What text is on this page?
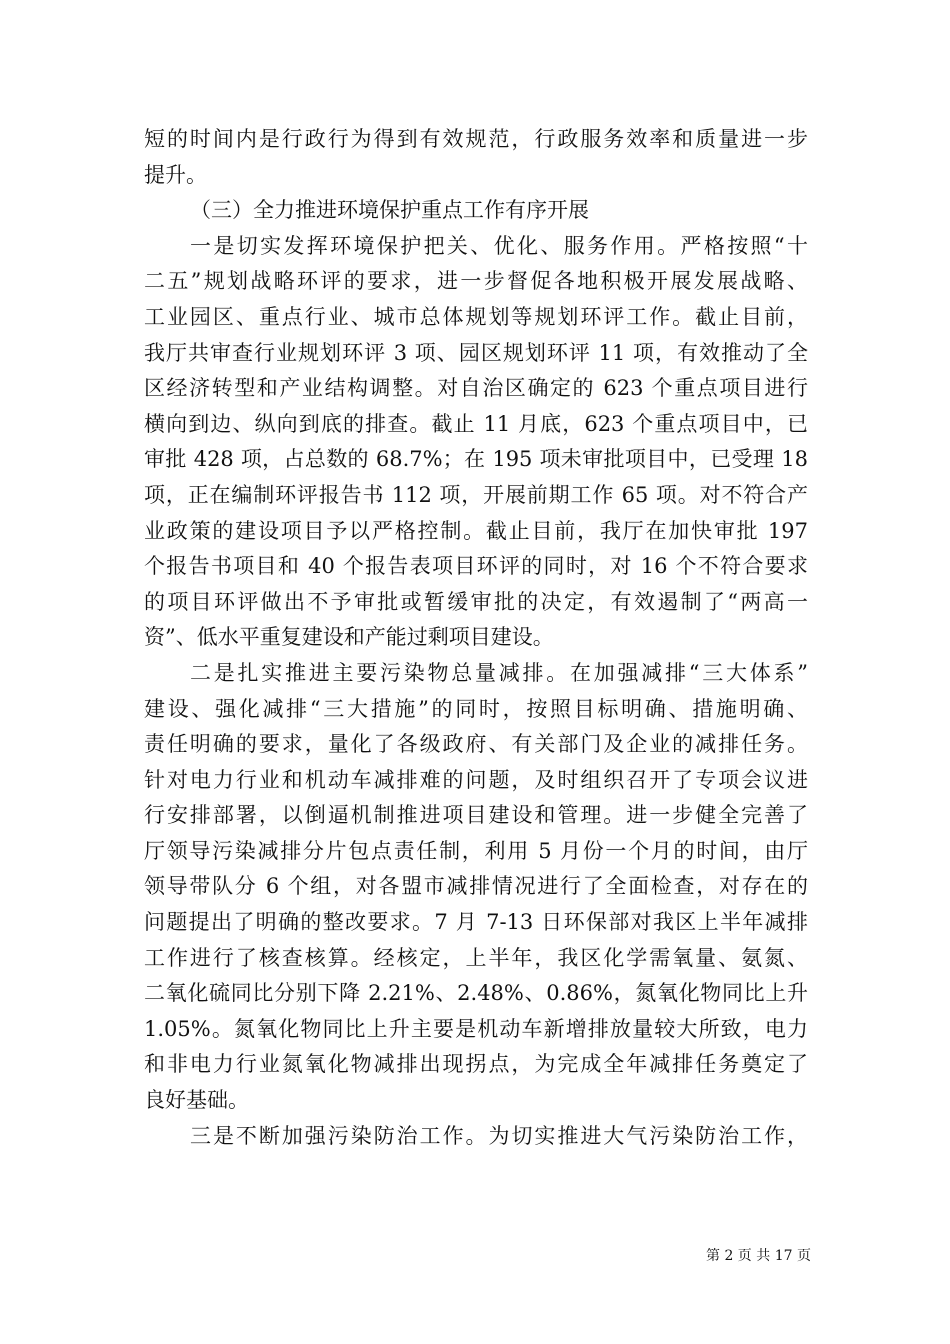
短的时间内是行政行为得到有效规范，行政服务效率和质量进一步
提升。
（三）全力推进环境保护重点工作有序开展
一是切实发挥环境保护把关、优化、服务作用。严格按照“十
二五”规划战略环评的要求，进一步督促各地积极开展发展战略、
工业园区、重点行业、城市总体规划等规划环评工作。截止目前，
我厅共审查行业规划环评 3 项、园区规划环评 11 项，有效推动了全
区经济转型和产业结构调整。对自治区确定的 623 个重点项目进行
横向到边、纵向到底的排查。截止 11 月底，623 个重点项目中，已
审批 428 项，占总数的 68.7%；在 195 项未审批项目中，已受理 18
项，正在编制环评报告书 112 项，开展前期工作 65 项。对不符合产
业政策的建设项目予以严格控制。截止目前，我厅在加快审批 197
个报告书项目和 40 个报告表项目环评的同时，对 16 个不符合要求
的项目环评做出不予审批或暂缓审批的决定，有效遏制了“两高一
资”、低水平重复建设和产能过剩项目建设。
二是扎实推进主要污染物总量减排。在加强减排“三大体系”
建设、强化减排“三大措施”的同时，按照目标明确、措施明确、
责任明确的要求，量化了各级政府、有关部门及企业的减排任务。
针对电力行业和机动车减排难的问题，及时组织召开了专项会议进
行安排部署，以倒逼机制推进项目建设和管理。进一步健全完善了
厅领导污染减排分片包点责任制，利用 5 月份一个月的时间，由厅
领导带队分 6 个组，对各盟市减排情况进行了全面检查，对存在的
问题提出了明确的整改要求。7 月 7-13 日环保部对我区上半年减排
工作进行了核查核算。经核定，上半年，我区化学需氧量、氨氮、
二氧化硫同比分别下降 2.21%、2.48%、0.86%，氮氧化物同比上升
1.05%。氮氧化物同比上升主要是机动车新增排放量较大所致，电力
和非电力行业氮氧化物减排出现拐点，为完成全年减排任务奠定了
良好基础。
三是不断加强污染防治工作。为切实推进大气污染防治工作，
第 2 页 共 17 页
